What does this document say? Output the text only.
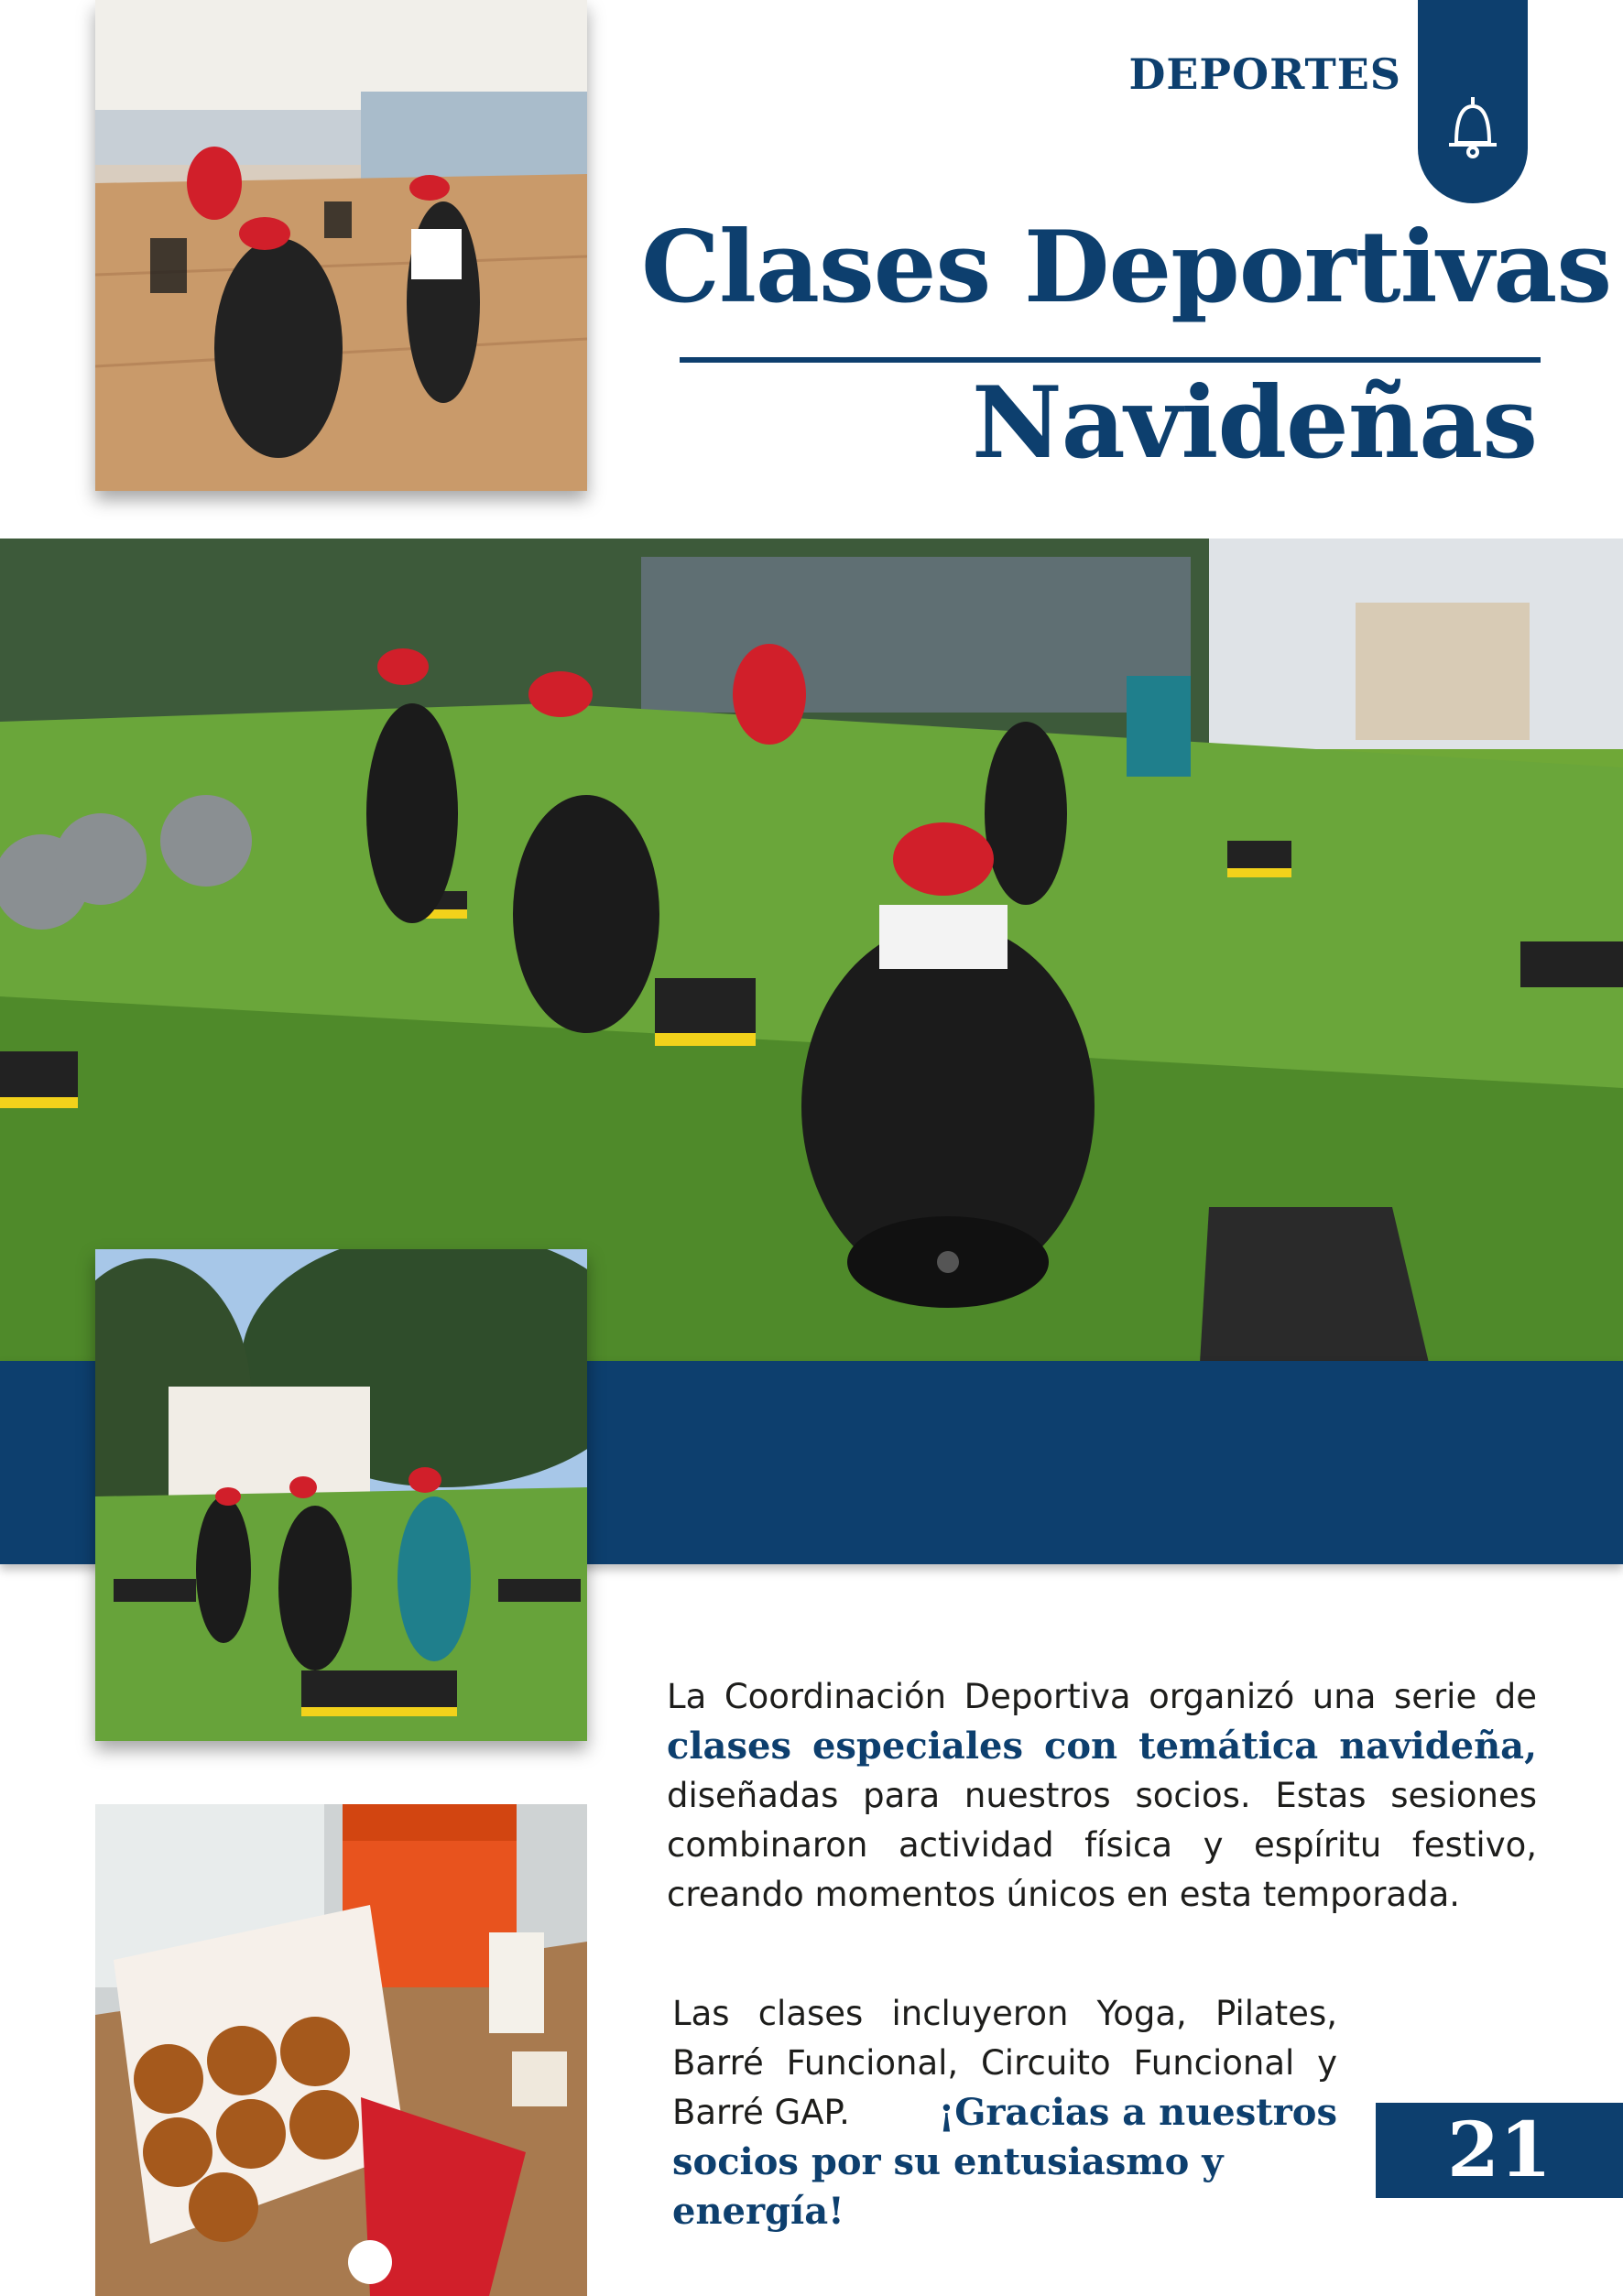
DEPORTES
Clases Deportivas
Navideñas
La Coordinación Deportiva organizó una serie de
clases especiales con temática navideña,
diseñadas para nuestros socios. Estas sesiones
combinaron actividad física y espíritu festivo,
creando momentos únicos en esta temporada.
Las clases incluyeron Yoga, Pilates,
Barré Funcional, Circuito Funcional y
Barré GAP. ¡Gracias a nuestros
socios por su entusiasmo y energía!
21
